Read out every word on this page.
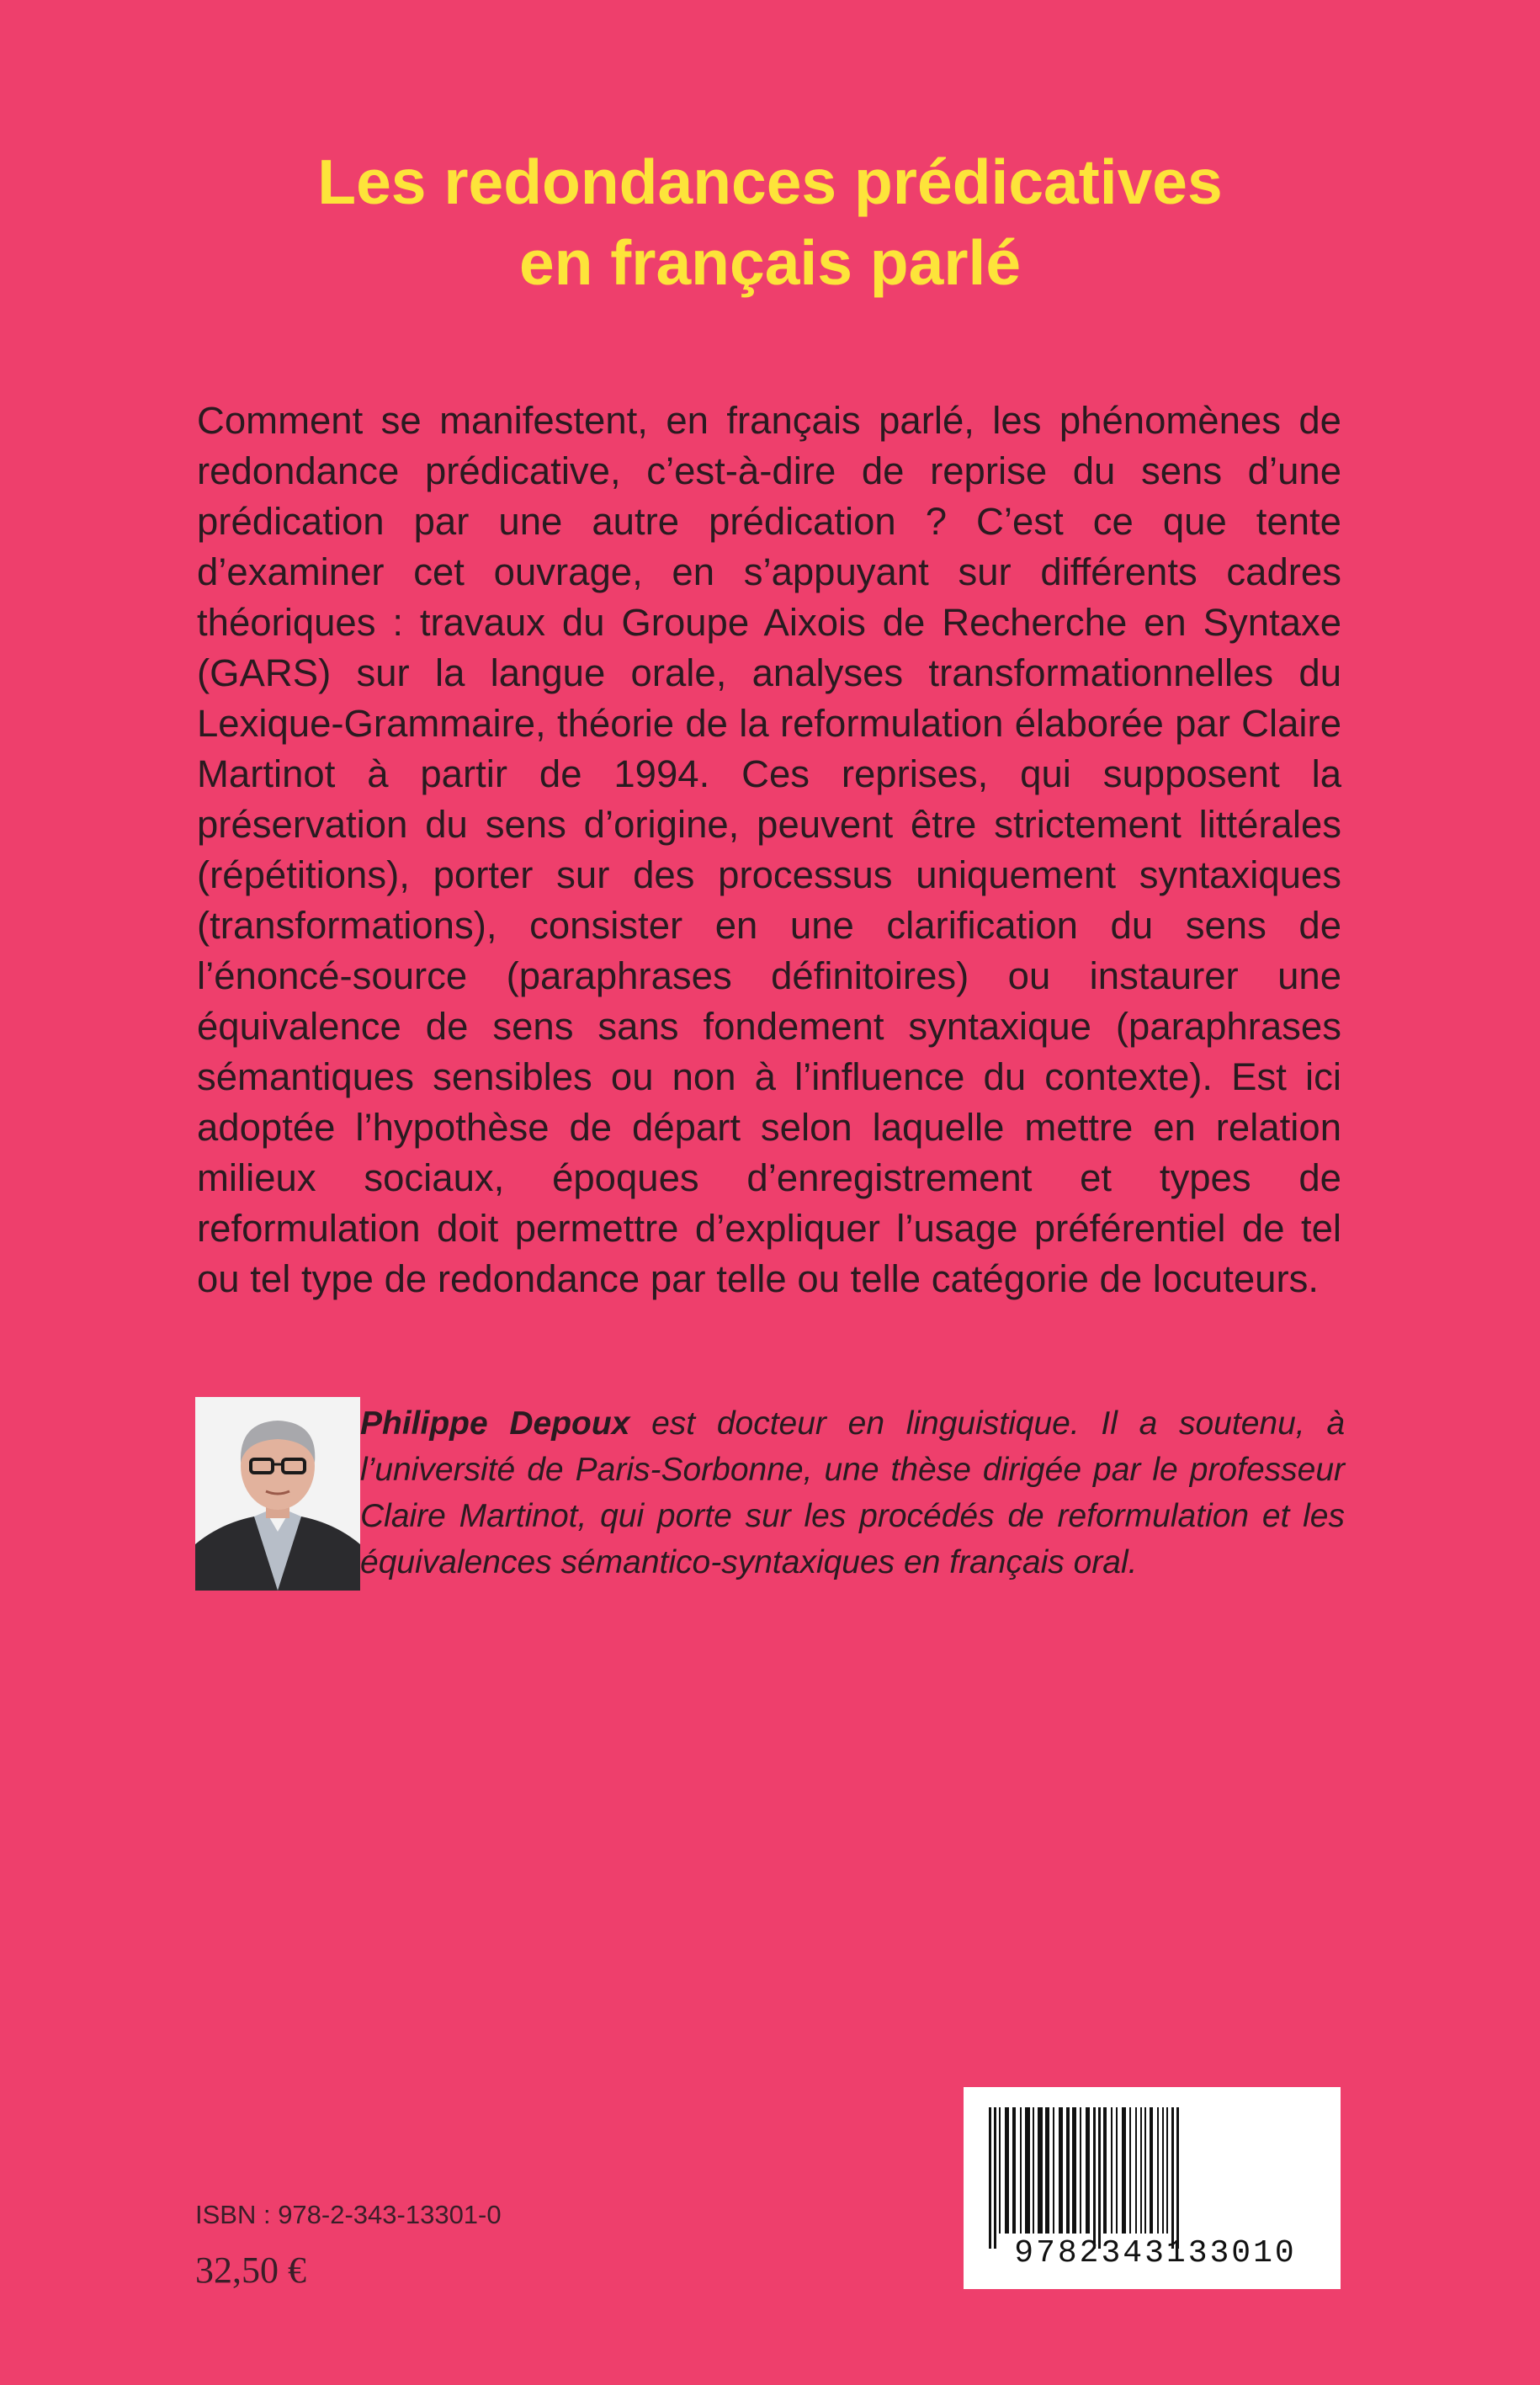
Les redondances prédicatives
en français parlé

Comment se manifestent, en français parlé, les phénomènes de redondance prédicative, c’est-à-dire de reprise du sens d’une prédication par une autre prédication ? C’est ce que tente d’examiner cet ouvrage, en s’appuyant sur différents cadres théoriques : travaux du Groupe Aixois de Recherche en Syntaxe (GARS) sur la langue orale, analyses transformationnelles du Lexique-Grammaire, théorie de la reformulation élaborée par Claire Martinot à partir de 1994. Ces reprises, qui supposent la préservation du sens d’origine, peuvent être strictement littérales (répétitions), porter sur des processus uniquement syntaxiques (transformations), consister en une clarification du sens de l’énoncé-source (paraphrases définitoires) ou instaurer une équivalence de sens sans fondement syntaxique (paraphrases sémantiques sensibles ou non à l’influence du contexte). Est ici adoptée l’hypothèse de départ selon laquelle mettre en relation milieux sociaux, époques d’enregistrement et types de reformulation doit permettre d’expliquer l’usage préférentiel de tel ou tel type de redondance par telle ou telle catégorie de locuteurs.

Philippe Depoux est docteur en linguistique. Il a soutenu, à l’université de Paris-Sorbonne, une thèse dirigée par le professeur Claire Martinot, qui porte sur les procédés de reformulation et les équivalences sémantico-syntaxiques en français oral.

ISBN : 978-2-343-13301-0
32,50 €	9782343133010
